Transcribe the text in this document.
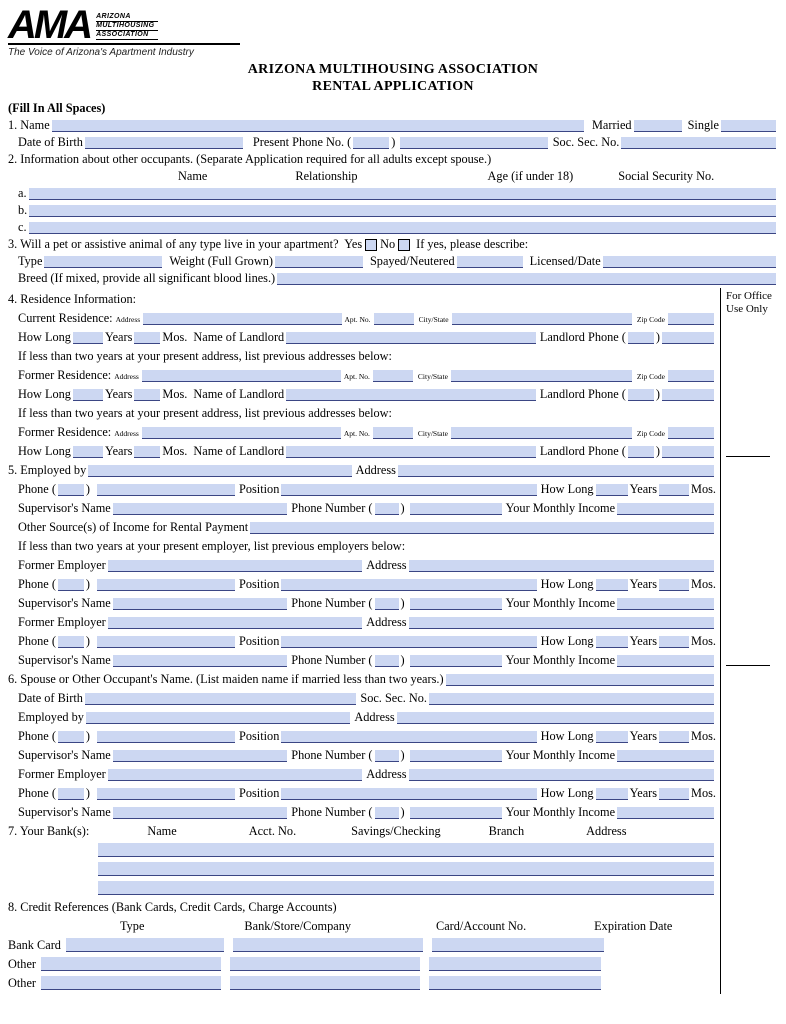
AMA ARIZONA
MULTIHOUSING
ASSOCIATION
The Voice of Arizona's Apartment Industry
ARIZONA MULTIHOUSING ASSOCIATION
RENTAL APPLICATION
(Fill In All Spaces)
1. Name	Married	Single
Date of Birth	Present Phone No. (	)	Soc. Sec. No.
2. Information about other occupants. (Separate Application required for all adults except spouse.)
Name	Relationship	Age (if under 18)	Social Security No.
a.
b.
c.
3. Will a pet or assistive animal of any type live in your apartment?  Yes No If yes, please describe:
Type	Weight (Full Grown)	Spayed/Neutered	Licensed/Date
Breed (If mixed, provide all significant blood lines.)
4. Residence Information:
Current Residence: Address	Apt. No.	City/State	Zip Code
How Long	Years Mos. Name of Landlord	Landlord Phone ( )
If less than two years at your present address, list previous addresses below:
Former Residence: Address	Apt. No.	City/State	Zip Code
How Long	Years Mos. Name of Landlord	Landlord Phone ( )
If less than two years at your present address, list previous addresses below:
Former Residence: Address	Apt. No.	City/State	Zip Code
How Long	Years Mos. Name of Landlord	Landlord Phone ( )
5. Employed by	Address
Phone ( )	Position	How Long	Years	Mos.
Supervisor's Name	Phone Number ( )	Your Monthly Income
Other Source(s) of Income for Rental Payment
If less than two years at your present employer, list previous employers below:
Former Employer	Address
Phone ( )	Position	How Long	Years	Mos.
Supervisor's Name	Phone Number ( )	Your Monthly Income
Former Employer	Address
Phone ( )	Position	How Long	Years	Mos.
Supervisor's Name	Phone Number ( )	Your Monthly Income
6. Spouse or Other Occupant's Name. (List maiden name if married less than two years.)
Date of Birth	Soc. Sec. No.
Employed by	Address
Phone ( )	Position	How Long	Years	Mos.
Supervisor's Name	Phone Number ( )	Your Monthly Income
Former Employer	Address
Phone ( )	Position	How Long	Years	Mos.
Supervisor's Name	Phone Number ( )	Your Monthly Income
7. Your Bank(s):	Name	Acct. No.	Savings/Checking	Branch	Address
8. Credit References (Bank Cards, Credit Cards, Charge Accounts)
Type	Bank/Store/Company	Card/Account No.	Expiration Date
Bank Card
Other
Other
For Office
Use Only
